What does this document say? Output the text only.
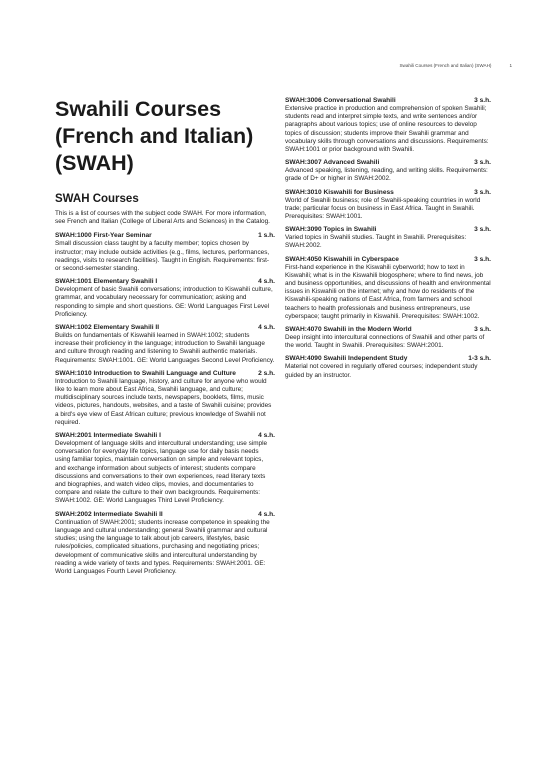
Swahili Courses (French and Italian) (SWAH)	1
Swahili Courses (French and Italian) (SWAH)
SWAH Courses

This is a list of courses with the subject code SWAH. For more information, see French and Italian (College of Liberal Arts and Sciences) in the Catalog.

SWAH:1000 First-Year Seminar	1 s.h.

Small discussion class taught by a faculty member; topics chosen by instructor; may include outside activities (e.g., films, lectures, performances, readings, visits to research facilities). Taught in English. Requirements: first- or second-semester standing.

SWAH:1001 Elementary Swahili I	4 s.h.

Development of basic Swahili conversations; introduction to Kiswahili culture, grammar, and vocabulary necessary for communication; asking and responding to simple and short questions. GE: World Languages First Level Proficiency.

SWAH:1002 Elementary Swahili II	4 s.h.

Builds on fundamentals of Kiswahili learned in SWAH:1002; students increase their proficiency in the language; introduction to Swahili language and culture through reading and listening to Swahili authentic materials. Requirements: SWAH:1001. GE: World Languages Second Level Proficiency.

SWAH:1010 Introduction to Swahili Language and Culture	2 s.h.

Introduction to Swahili language, history, and culture for anyone who would like to learn more about East Africa, Swahili language, and culture; multidisciplinary sources include texts, newspapers, booklets, films, music videos, pictures, handouts, websites, and a taste of Swahili cuisine; provides a bird's eye view of East African culture; previous knowledge of Swahili not required.

SWAH:2001 Intermediate Swahili I	4 s.h.

Development of language skills and intercultural understanding; use simple conversation for everyday life topics, language use for daily basis needs using familiar topics, maintain conversation on simple and relevant topics, and exchange information about subjects of interest; students compare discussions and conversations to their own experiences, read literary texts and biographies, and watch video clips, movies, and documentaries to compare and relate the culture to their own backgrounds. Requirements: SWAH:1002. GE: World Languages Third Level Proficiency.

SWAH:2002 Intermediate Swahili II	4 s.h.

Continuation of SWAH:2001; students increase competence in speaking the language and cultural understanding; general Swahili grammar and cultural studies; using the language to talk about job careers, lifestyles, basic rules/policies, complicated situations, purchasing and negotiating prices; development of communicative skills and intercultural understanding by reading a wide variety of texts and types. Requirements: SWAH:2001. GE: World Languages Fourth Level Proficiency.

SWAH:3006 Conversational Swahili	3 s.h.

Extensive practice in production and comprehension of spoken Swahili; students read and interpret simple texts, and write sentences and/or paragraphs about various topics; use of online resources to develop topics of discussion; students improve their Swahili grammar and vocabulary skills through conversations and discussions. Requirements: SWAH:1001 or prior background with Swahili.

SWAH:3007 Advanced Swahili	3 s.h.

Advanced speaking, listening, reading, and writing skills. Requirements: grade of D+ or higher in SWAH:2002.

SWAH:3010 Kiswahili for Business	3 s.h.

World of Swahili business; role of Swahili-speaking countries in world trade; particular focus on business in East Africa. Taught in Swahili. Prerequisites: SWAH:1001.

SWAH:3090 Topics in Swahili	3 s.h.

Varied topics in Swahili studies. Taught in Swahili. Prerequisites: SWAH:2002.

SWAH:4050 Kiswahili in Cyberspace	3 s.h.

First-hand experience in the Kiswahili cyberworld; how to text in Kiswahili; what is in the Kiswahili blogosphere; where to find news, job and business opportunities, and discussions of health and environmental issues in Kiswahili on the internet; why and how do residents of the Kiswahili-speaking nations of East Africa, from farmers and school teachers to health professionals and business entrepreneurs, use cyberspace; taught primarily in Kiswahili. Prerequisites: SWAH:1002.

SWAH:4070 Swahili in the Modern World	3 s.h.

Deep insight into intercultural connections of Swahili and other parts of the world. Taught in Swahili. Prerequisites: SWAH:2001.

SWAH:4090 Swahili Independent Study	1-3 s.h.

Material not covered in regularly offered courses; independent study guided by an instructor.
